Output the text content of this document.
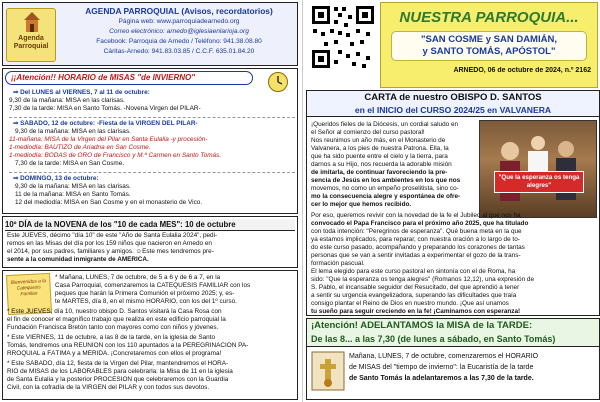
Agenda Parroquial
AGENDA PARROQUIAL (Avisos, recordatorios)
Página web: www.parroquiadearnedo.org
Correo electrónico: arnedo@iglesiaenlarioja.org
Facebook: Parroquia de Arnedo / Teléfono: 941.38.08.80
Cáritas-Arnedo: 941.83.03.85 / C.C.F. 635.01.84.20
¡¡Atención!! HORARIO de MISAS "de INVIERNO"
⇒ Del LUNES al VIERNES, 7 al 11 de octubre:
9,30 de la mañana: MISA en las clarisas.
7,30 de la tarde: MISA en Santo Tomás. -Novena Virgen del PILAR-
⇒ SÁBADO, 12 de octubre: -Fiesta de la VIRGEN DEL PILAR-
9,30 de la mañana: MISA en las clarisas.
11-mañana: MISA de la Virgen del Pilar en Santa Eulalia -y procesión-
1-mediodía: BAUTIZO de Ariadna en San Cosme.
1-mediodía: BODAS de ORO de Francisco y M.ª Carmen en Santo Tomás.
7,30 de la tarde: MISA en San Cosme.
⇒ DOMINGO, 13 de octubre:
9,30 de la mañana: MISA en las clarisas.
11 de la mañana: MISA en Santo Tomás.
12 del mediodía: MISA en San Cosme y en el monasterio de Vico.
10º DÍA de la NOVENA de los "10 de cada MES": 10 de octubre
Este JUEVES, décimo "día 10" de este "Año de Santa Eulalia 2024", pedi-
remos en las Misas del día por los 159 niños que nacieron en Arnedo en
el 2014, por sus padres, familiares y amigos. ☺Este mes tendremos pre-
sente a la comunidad inmigrante de AMÉRICA.
Bienvenidos a la Catequesis Familiar
* Mañana, LUNES, 7 de octubre, de 5 a 6 y de 6 a 7, en la
Casa Parroquial, comenzaremos la CATEQUESIS FAMILIAR con los
peques que harán la Primera Comunión el próximo 2025; y, es-
te MARTES, día 8, en el mismo HORARIO, con los del 1º curso.
* Este JUEVES, día 10, nuestro obispo D. Santos visitará la Casa Rosa con
el fin de conocer el magnífico trabajo que realiza en este edificio parroquial la
Fundación Francisca Bretón tanto con mayores como con niños y jóvenes.
* Este VIERNES, 11 de octubre, a las 8 de la tarde, en la iglesia de Santo
Tomás, tendremos una REUNIÓN con los 110 apuntados a la PEREGRINACIÓN PA-
RROQUIAL a FÁTIMA y a MÉRIDA. ¡Concretaremos con ellos el programa!
* Este SÁBADO, día 12, fiesta de la Virgen del Pilar, mantendremos el HORA-
RIO de MISAS de los LABORABLES para celebrarla: la Misa de 11 en la iglesia
de Santa Eulalia y la posterior PROCESIÓN que celebraremos con la Guardia
Civil, con la cofradía de la VIRGEN del PILAR y con todos sus devotos.
NUESTRA PARROQUIA...
"SAN COSME y SAN DAMIÁN,
y SANTO TOMÁS, APÓSTOL"
ARNEDO, 06 de octubre de 2024, n.º 2162
CARTA de nuestro OBISPO D. SANTOS
en el INICIO del CURSO 2024/25 en VALVANERA
"Que la esperanza os tenga alegres"
¡Queridos fieles de la Diócesis, un cordial saludo en
el Señor al comienzo del curso pastoral!
Nos reunimos un año más, en el Monasterio de
Valvanera, a los pies de nuestra Patrona. Ella, la
que ha sido puente entre el cielo y la tierra, para
darnos a su Hijo, nos recuerda la adorable misión
de imitarla, de continuar favoreciendo la pre-
sencia de Jesús en los ambientes en los que nos
movemos, no como un empeño proselitista, sino co-
mo la consecuencia alegre y espontánea de ofre-
cer lo mejor que hemos recibido.
Por eso, queremos revivir con la novedad de la fe el Jubileo al que nos ha
convocado el Papa Francisco para el próximo año 2025, que ha titulado
con toda intención: "Peregrinos de esperanza". Qué buena meta en la que
ya estamos implicados, para reparar, con nuestra oración a lo largo de to-
do este curso pasado, acompañando y preparando los corazones de tantas
personas que se van a sentir invitadas a experimentar el gozo de la trans-
formación pascual.
El lema elegido para este curso pastoral en sintonía con el de Roma, ha
sido: "Que la esperanza os tenga alegres" (Romanos 12,12), una expresión de
S. Pablo, el incansable seguidor del Resucitado, del que aprendió a tener
a sentir su urgencia evangelizadora, superando las dificultades que traía
consigo plantar el Reino de Dios en nuestro mundo. ¡Que así unamos
tu sueño para seguir creciendo en la fe! ¡Caminamos con esperanza!
¡Atención! ADELANTAMOS la MISA de la TARDE:
De las 8... a las 7,30 (de lunes a sábado, en Santo Tomás)
Mañana, LUNES, 7 de octubre, comenzaremos el HORARIO
de MISAS del "tiempo de invierno": la Eucaristía de la tarde
de Santo Tomás la adelantaremos a las 7,30 de la tarde.
